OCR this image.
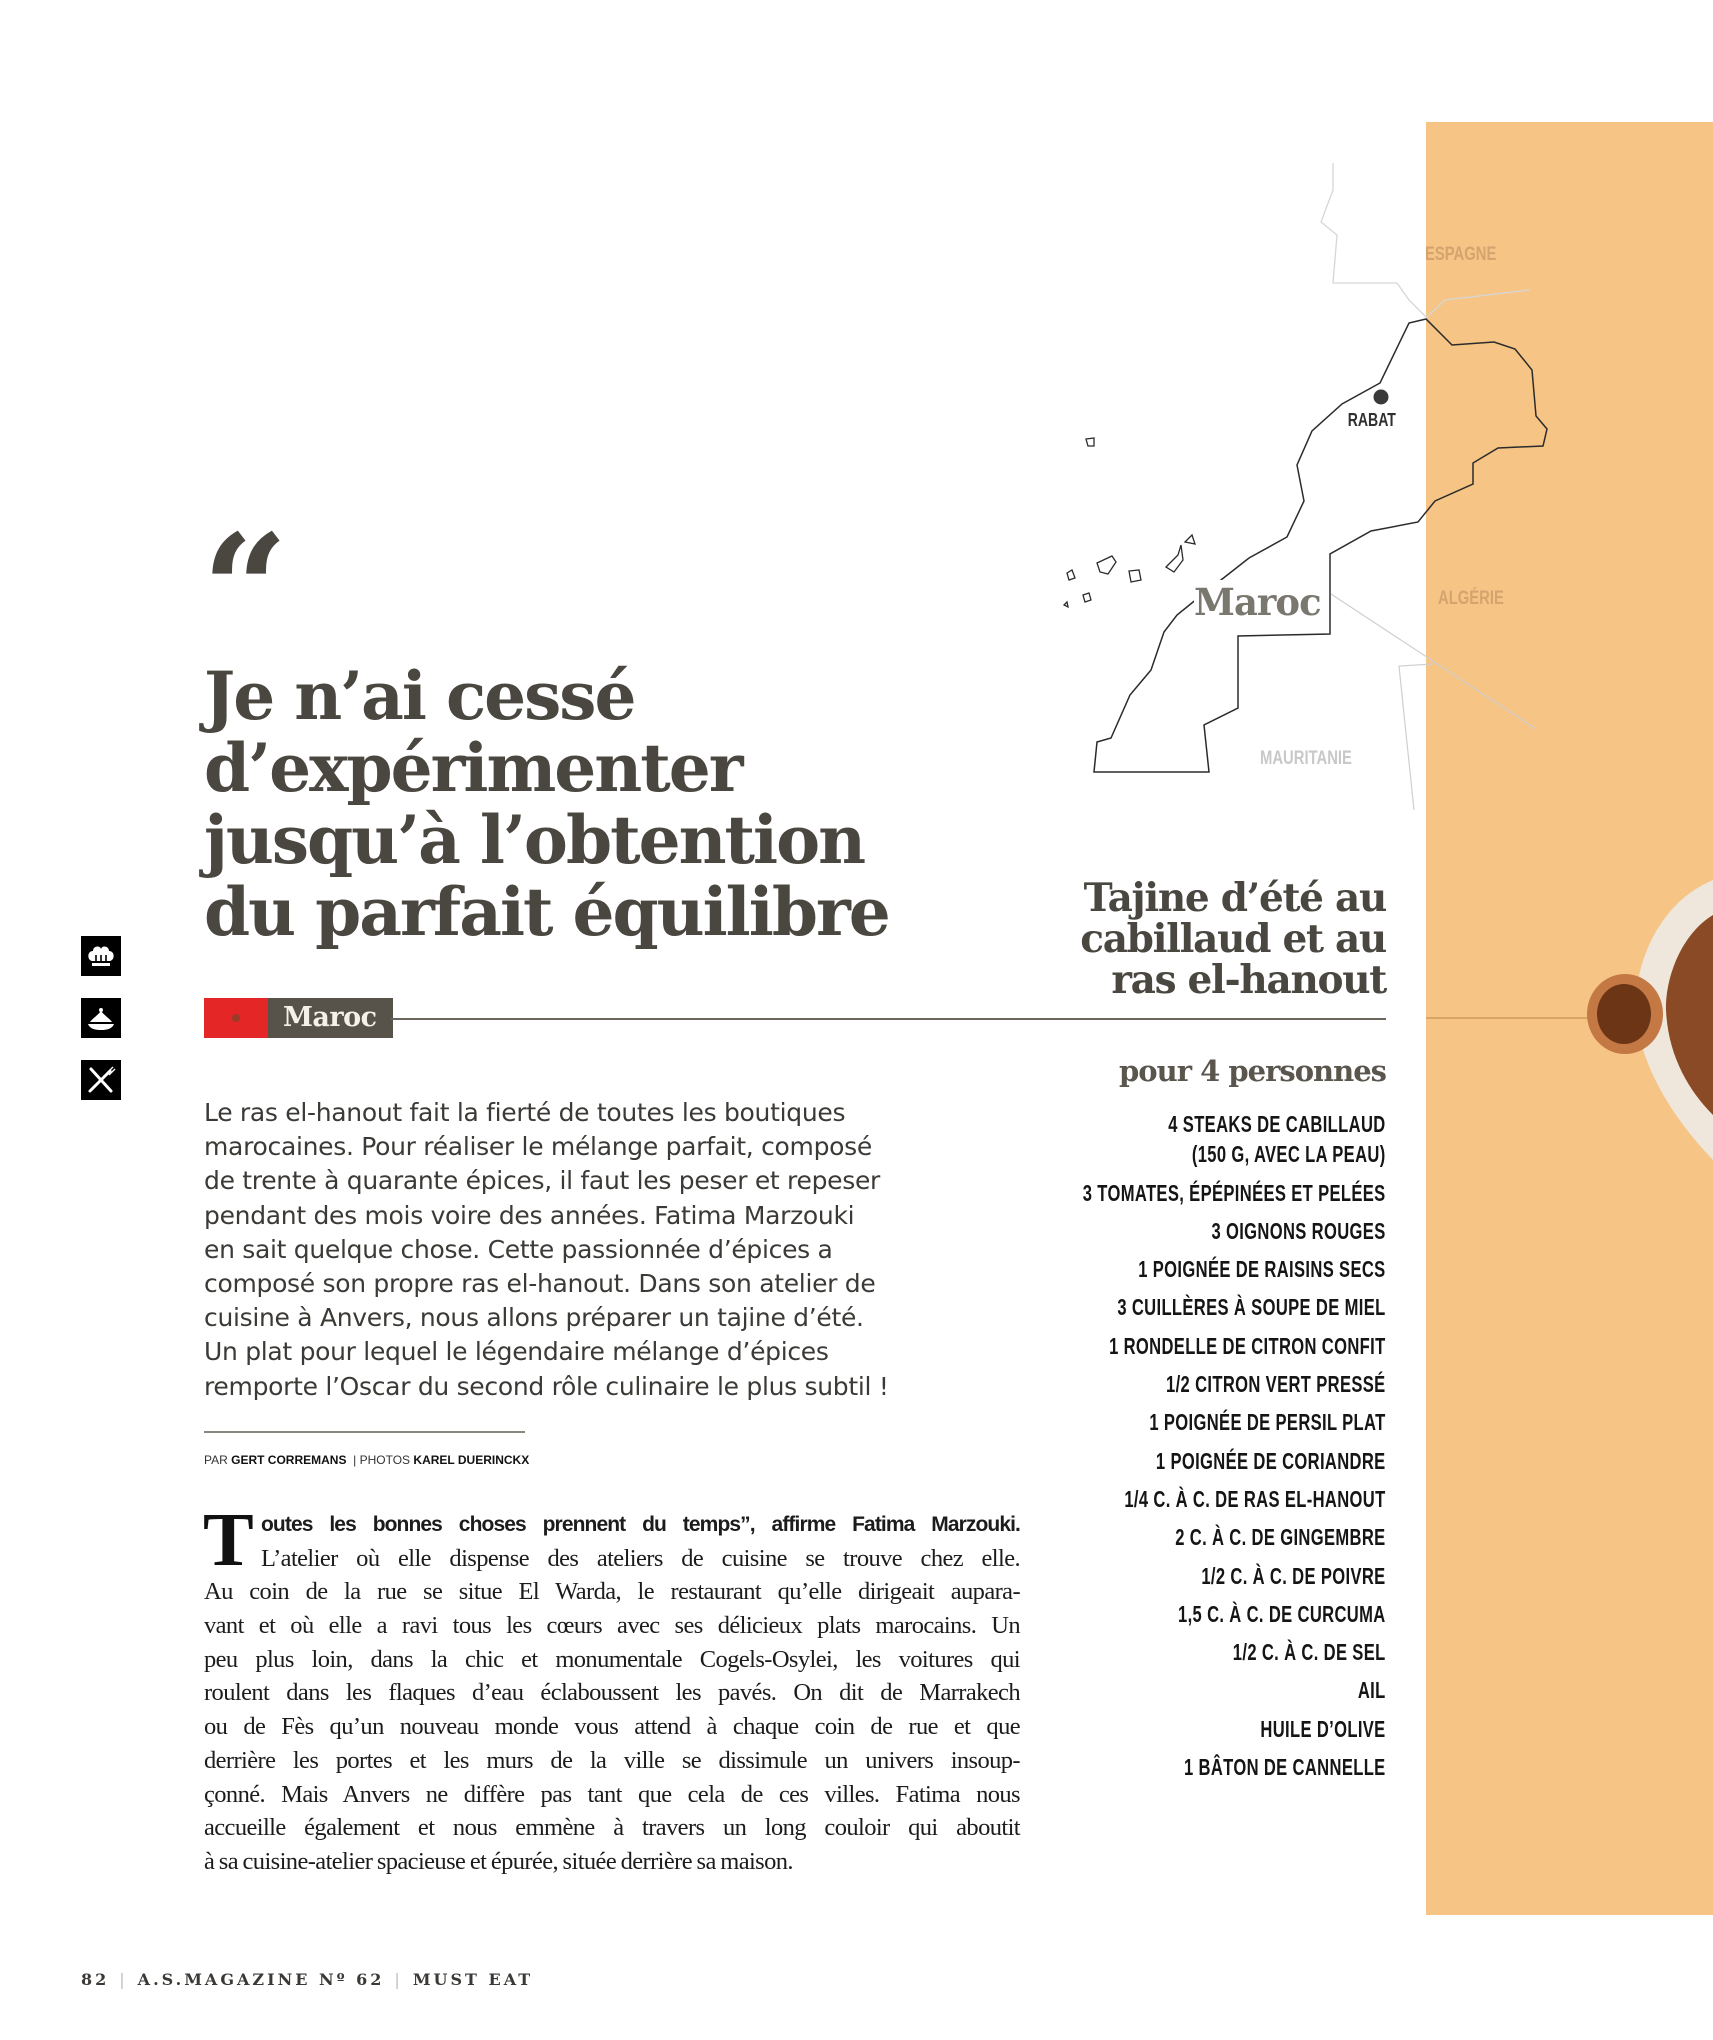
RABAT
Maroc
ESPAGNE
ALGÉRIE
MAURITANIE
“
Je n’ai cessé d’expérimenter jusqu’à l’obtention du parfait équilibre
Maroc
Tajine d’été au cabillaud et au ras el-hanout
pour 4 personnes
4 STEAKS DE CABILLAUD
(150 G, AVEC LA PEAU)
3 TOMATES, ÉPÉPINÉES ET PELÉES
3 OIGNONS ROUGES
1 POIGNÉE DE RAISINS SECS
3 CUILLÈRES À SOUPE DE MIEL
1 RONDELLE DE CITRON CONFIT
1/2 CITRON VERT PRESSÉ
1 POIGNÉE DE PERSIL PLAT
1 POIGNÉE DE CORIANDRE
1/4 C. À C. DE RAS EL-HANOUT
2 C. À C. DE GINGEMBRE
1/2 C. À C. DE POIVRE
1,5 C. À C. DE CURCUMA
1/2 C. À C. DE SEL
AIL
HUILE D’OLIVE
1 BÂTON DE CANNELLE
Le ras el-hanout fait la fierté de toutes les boutiques
marocaines. Pour réaliser le mélange parfait, composé
de trente à quarante épices, il faut les peser et repeser
pendant des mois voire des années. Fatima Marzouki
en sait quelque chose. Cette passionnée d’épices a
composé son propre ras el-hanout. Dans son atelier de
cuisine à Anvers, nous allons préparer un tajine d’été.
Un plat pour lequel le légendaire mélange d’épices
remporte l’Oscar du second rôle culinaire le plus subtil !
PAR GERT CORREMANS | PHOTOS KAREL DUERINCKX
T outes les bonnes choses prennent du temps”, affirme Fatima Marzouki.
L’atelier où elle dispense des ateliers de cuisine se trouve chez elle.
Au coin de la rue se situe El Warda, le restaurant qu’elle dirigeait aupara-
vant et où elle a ravi tous les cœurs avec ses délicieux plats marocains. Un
peu plus loin, dans la chic et monumentale Cogels-Osylei, les voitures qui
roulent dans les flaques d’eau éclaboussent les pavés. On dit de Marrakech
ou de Fès qu’un nouveau monde vous attend à chaque coin de rue et que
derrière les portes et les murs de la ville se dissimule un univers insoup-
çonné. Mais Anvers ne diffère pas tant que cela de ces villes. Fatima nous
accueille également et nous emmène à travers un long couloir qui aboutit
à sa cuisine-atelier spacieuse et épurée, située derrière sa maison.
82 | A.S.MAGAZINE Nº 62 | MUST EAT
